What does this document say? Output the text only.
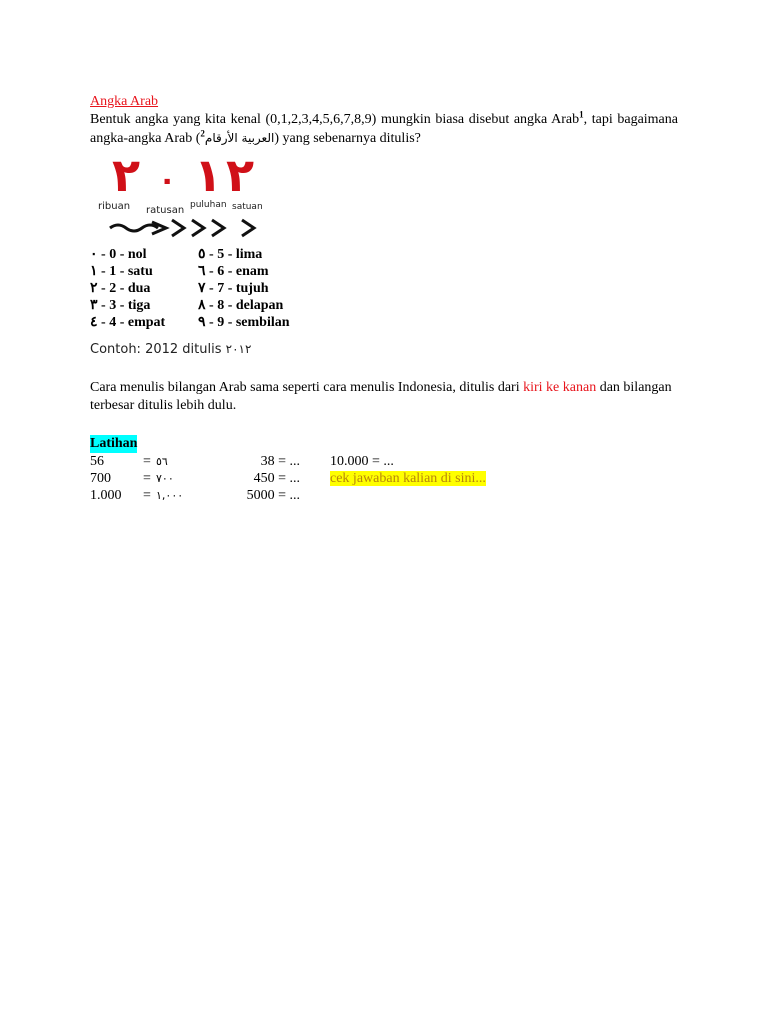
Angka Arab
Bentuk angka yang kita kenal (0,1,2,3,4,5,6,7,8,9) mungkin biasa disebut angka Arab$^1$, tapi bagaimana angka-angka Arab ( العربية الأرقام$^2$	) yang sebenarnya ditulis?
٢ ٠ ١ ٢
ribuan ratusan puluhan satuan
٠ - 0 - nol
١ - 1 - satu
٢ - 2 - dua
٣ - 3 - tiga
٤ - 4 - empat
٥ - 5 - lima
٦ - 6 - enam
٧ - 7 - tujuh
٨ - 8 - delapan
٩ - 9 - sembilan
Contoh: 2012 ditulis ٢٠١٢
Cara menulis bilangan Arab sama seperti cara menulis Indonesia, ditulis dari kiri ke kanan dan bilangan terbesar ditulis lebih dulu.
Latihan
56	= ٥٦	38 = ... 10.000 = ...
700	= ٧٠٠	450 = ... cek jawaban kalian di sini...
1.000	= ١,٠٠٠	5000 = ...
